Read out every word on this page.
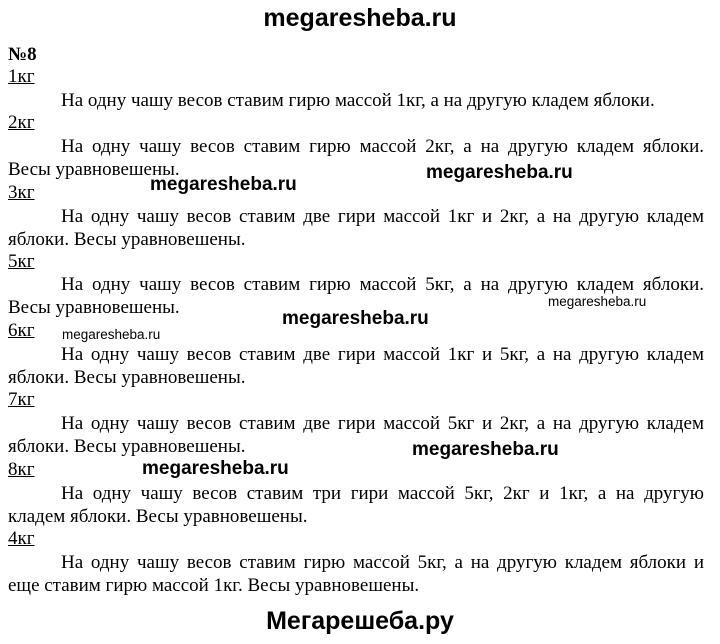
megaresheba.ru
№8
1кг
На одну чашу весов ставим гирю массой 1кг, а на другую кладем яблоки.
2кг
На одну чашу весов ставим гирю массой 2кг, а на другую кладем яблоки.
Весы уравновешены.
megaresheba.ru
megaresheba.ru
3кг
На одну чашу весов ставим две гири массой 1кг и 2кг, а на другую кладем
яблоки. Весы уравновешены.
5кг
На одну чашу весов ставим гирю массой 5кг, а на другую кладем яблоки.
Весы уравновешены.	megaresheba.ru
megaresheba.ru
6кг megaresheba.ru
На одну чашу весов ставим две гири массой 1кг и 5кг, а на другую кладем
яблоки. Весы уравновешены.
7кг
На одну чашу весов ставим две гири массой 5кг и 2кг, а на другую кладем
яблоки. Весы уравновешены.	megaresheba.ru
megaresheba.ru
8кг
На одну чашу весов ставим три гири массой 5кг, 2кг и 1кг, а на другую
кладем яблоки. Весы уравновешены.
4кг
На одну чашу весов ставим гирю массой 5кг, а на другую кладем яблоки и
еще ставим гирю массой 1кг. Весы уравновешены.
Мегарешеба.ру
